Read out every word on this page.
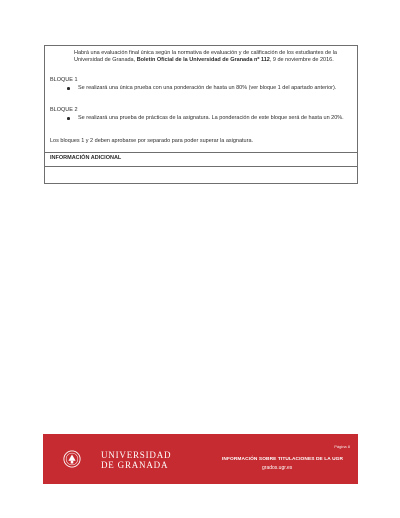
Habrá una evaluación final única según la normativa de evaluación y de calificación de los estudiantes de la Universidad de Granada, Boletín Oficial de la Universidad de Granada nº 112, 9 de noviembre de 2016.
BLOQUE 1
Se realizará una única prueba con una ponderación de hasta un 80% (ver bloque 1 del apartado anterior).
BLOQUE 2
Se realizará una prueba de prácticas de la asignatura. La ponderación de este bloque será de hasta un 20%.
Los bloques 1 y 2 deben aprobarse por separado para poder superar la asignatura.
INFORMACIÓN ADICIONAL
UNIVERSIDAD
DE GRANADA
Página 8
INFORMACIÓN SOBRE TITULACIONES DE LA UGR
grados.ugr.es
